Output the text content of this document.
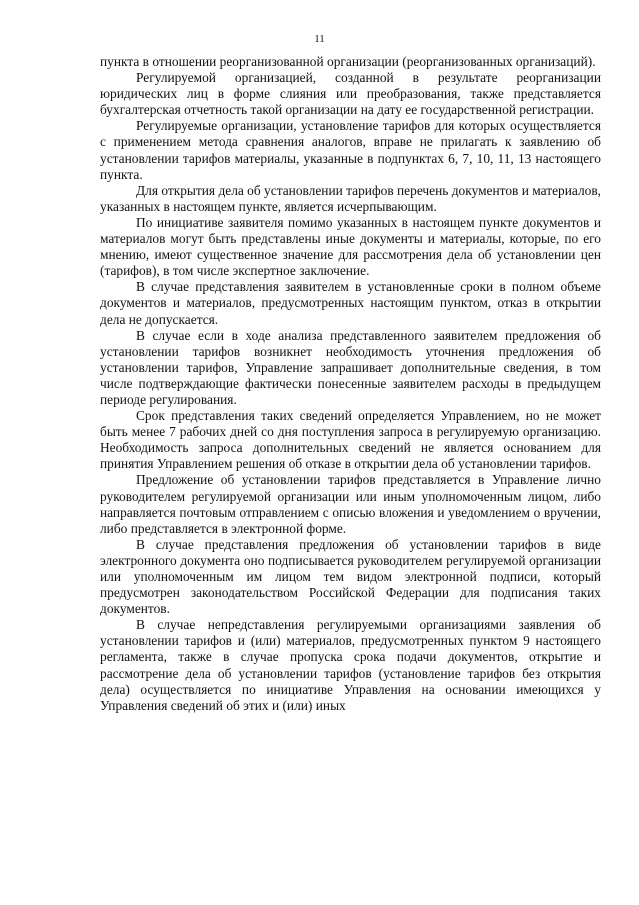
11

пункта в отношении реорганизованной организации (реорганизованных организаций).

Регулируемой организацией, созданной в результате реорганизации юридических лиц в форме слияния или преобразования, также представляется бухгалтерская отчетность такой организации на дату ее государственной регистрации.

Регулируемые организации, установление тарифов для которых осуществляется с применением метода сравнения аналогов, вправе не прилагать к заявлению об установлении тарифов материалы, указанные в подпунктах 6, 7, 10, 11, 13 настоящего пункта.

Для открытия дела об установлении тарифов перечень документов и материалов, указанных в настоящем пункте, является исчерпывающим.

По инициативе заявителя помимо указанных в настоящем пункте документов и материалов могут быть представлены иные документы и материалы, которые, по его мнению, имеют существенное значение для рассмотрения дела об установлении цен (тарифов), в том числе экспертное заключение.

В случае представления заявителем в установленные сроки в полном объеме документов и материалов, предусмотренных настоящим пунктом, отказ в открытии дела не допускается.

В случае если в ходе анализа представленного заявителем предложения об установлении тарифов возникнет необходимость уточнения предложения об установлении тарифов, Управление запрашивает дополнительные сведения, в том числе подтверждающие фактически понесенные заявителем расходы в предыдущем периоде регулирования.

Срок представления таких сведений определяется Управлением, но не может быть менее 7 рабочих дней со дня поступления запроса в регулируемую организацию. Необходимость запроса дополнительных сведений не является основанием для принятия Управлением решения об отказе в открытии дела об установлении тарифов.

Предложение об установлении тарифов представляется в Управление лично руководителем регулируемой организации или иным уполномоченным лицом, либо направляется почтовым отправлением с описью вложения и уведомлением о вручении, либо представляется в электронной форме.

В случае представления предложения об установлении тарифов в виде электронного документа оно подписывается руководителем регулируемой организации или уполномоченным им лицом тем видом электронной подписи, который предусмотрен законодательством Российской Федерации для подписания таких документов.

В случае непредставления регулируемыми организациями заявления об установлении тарифов и (или) материалов, предусмотренных пунктом 9 настоящего регламента, также в случае пропуска срока подачи документов, открытие и рассмотрение дела об установлении тарифов (установление тарифов без открытия дела) осуществляется по инициативе Управления на основании имеющихся у Управления сведений об этих и (или) иных
